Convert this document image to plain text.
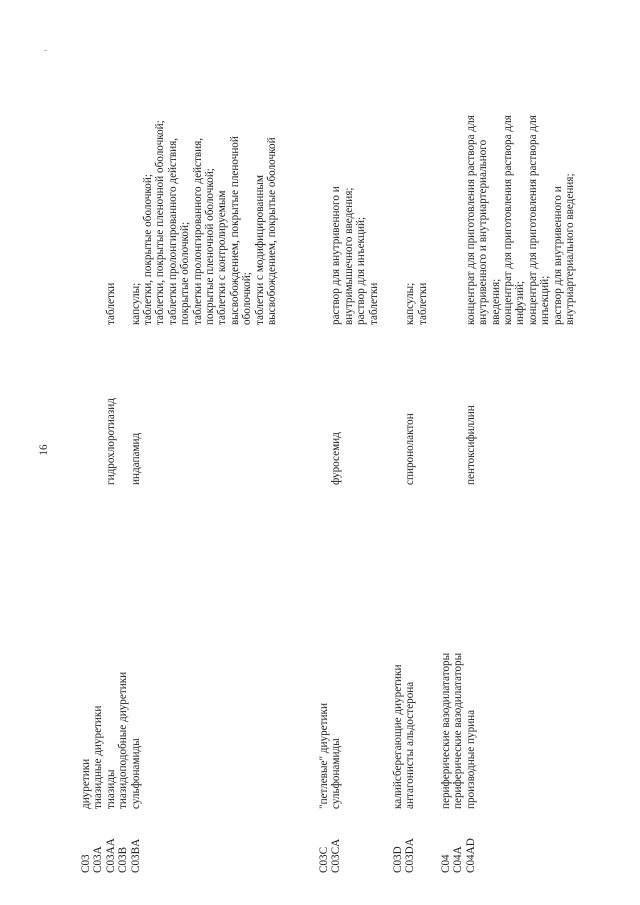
16
C03 C03A C03AA C03B C03BA
диуретики тиазидные диуретики тиазиды тиазидоподобные диуретики сульфонамиды
гидрохлоротиазид
таблетки
индапамид
капсулы; таблетки, покрытые оболочкой; таблетки, покрытые пленочной оболочкой; таблетки пролонгированного действия, покрытые оболочкой; таблетки пролонгированного действия, покрытые пленочной оболочкой; таблетки с контролируемым высвобождением, покрытые пленочной оболочкой; таблетки с модифицированным высвобождением, покрытые оболочкой
C03C C03CA
"петлевые" диуретики сульфонамиды
фуросемид
раствор для внутривенного и внутримышечного введения; раствор для инъекций; таблетки
C03D C03DA
калийсберегающие диуретики антагонисты альдостерона
спиронолактон
капсулы; таблетки
C04 C04A C04AD
периферические вазодилататоры периферические вазодилататоры производные пурина
пентоксифиллин
концентрат для приготовления раствора для внутривенного и внутриартериального введения; концентрат для приготовления раствора для инфузий; концентрат для приготовления раствора для инъекций; раствор для внутривенного и внутриартериального введения;
